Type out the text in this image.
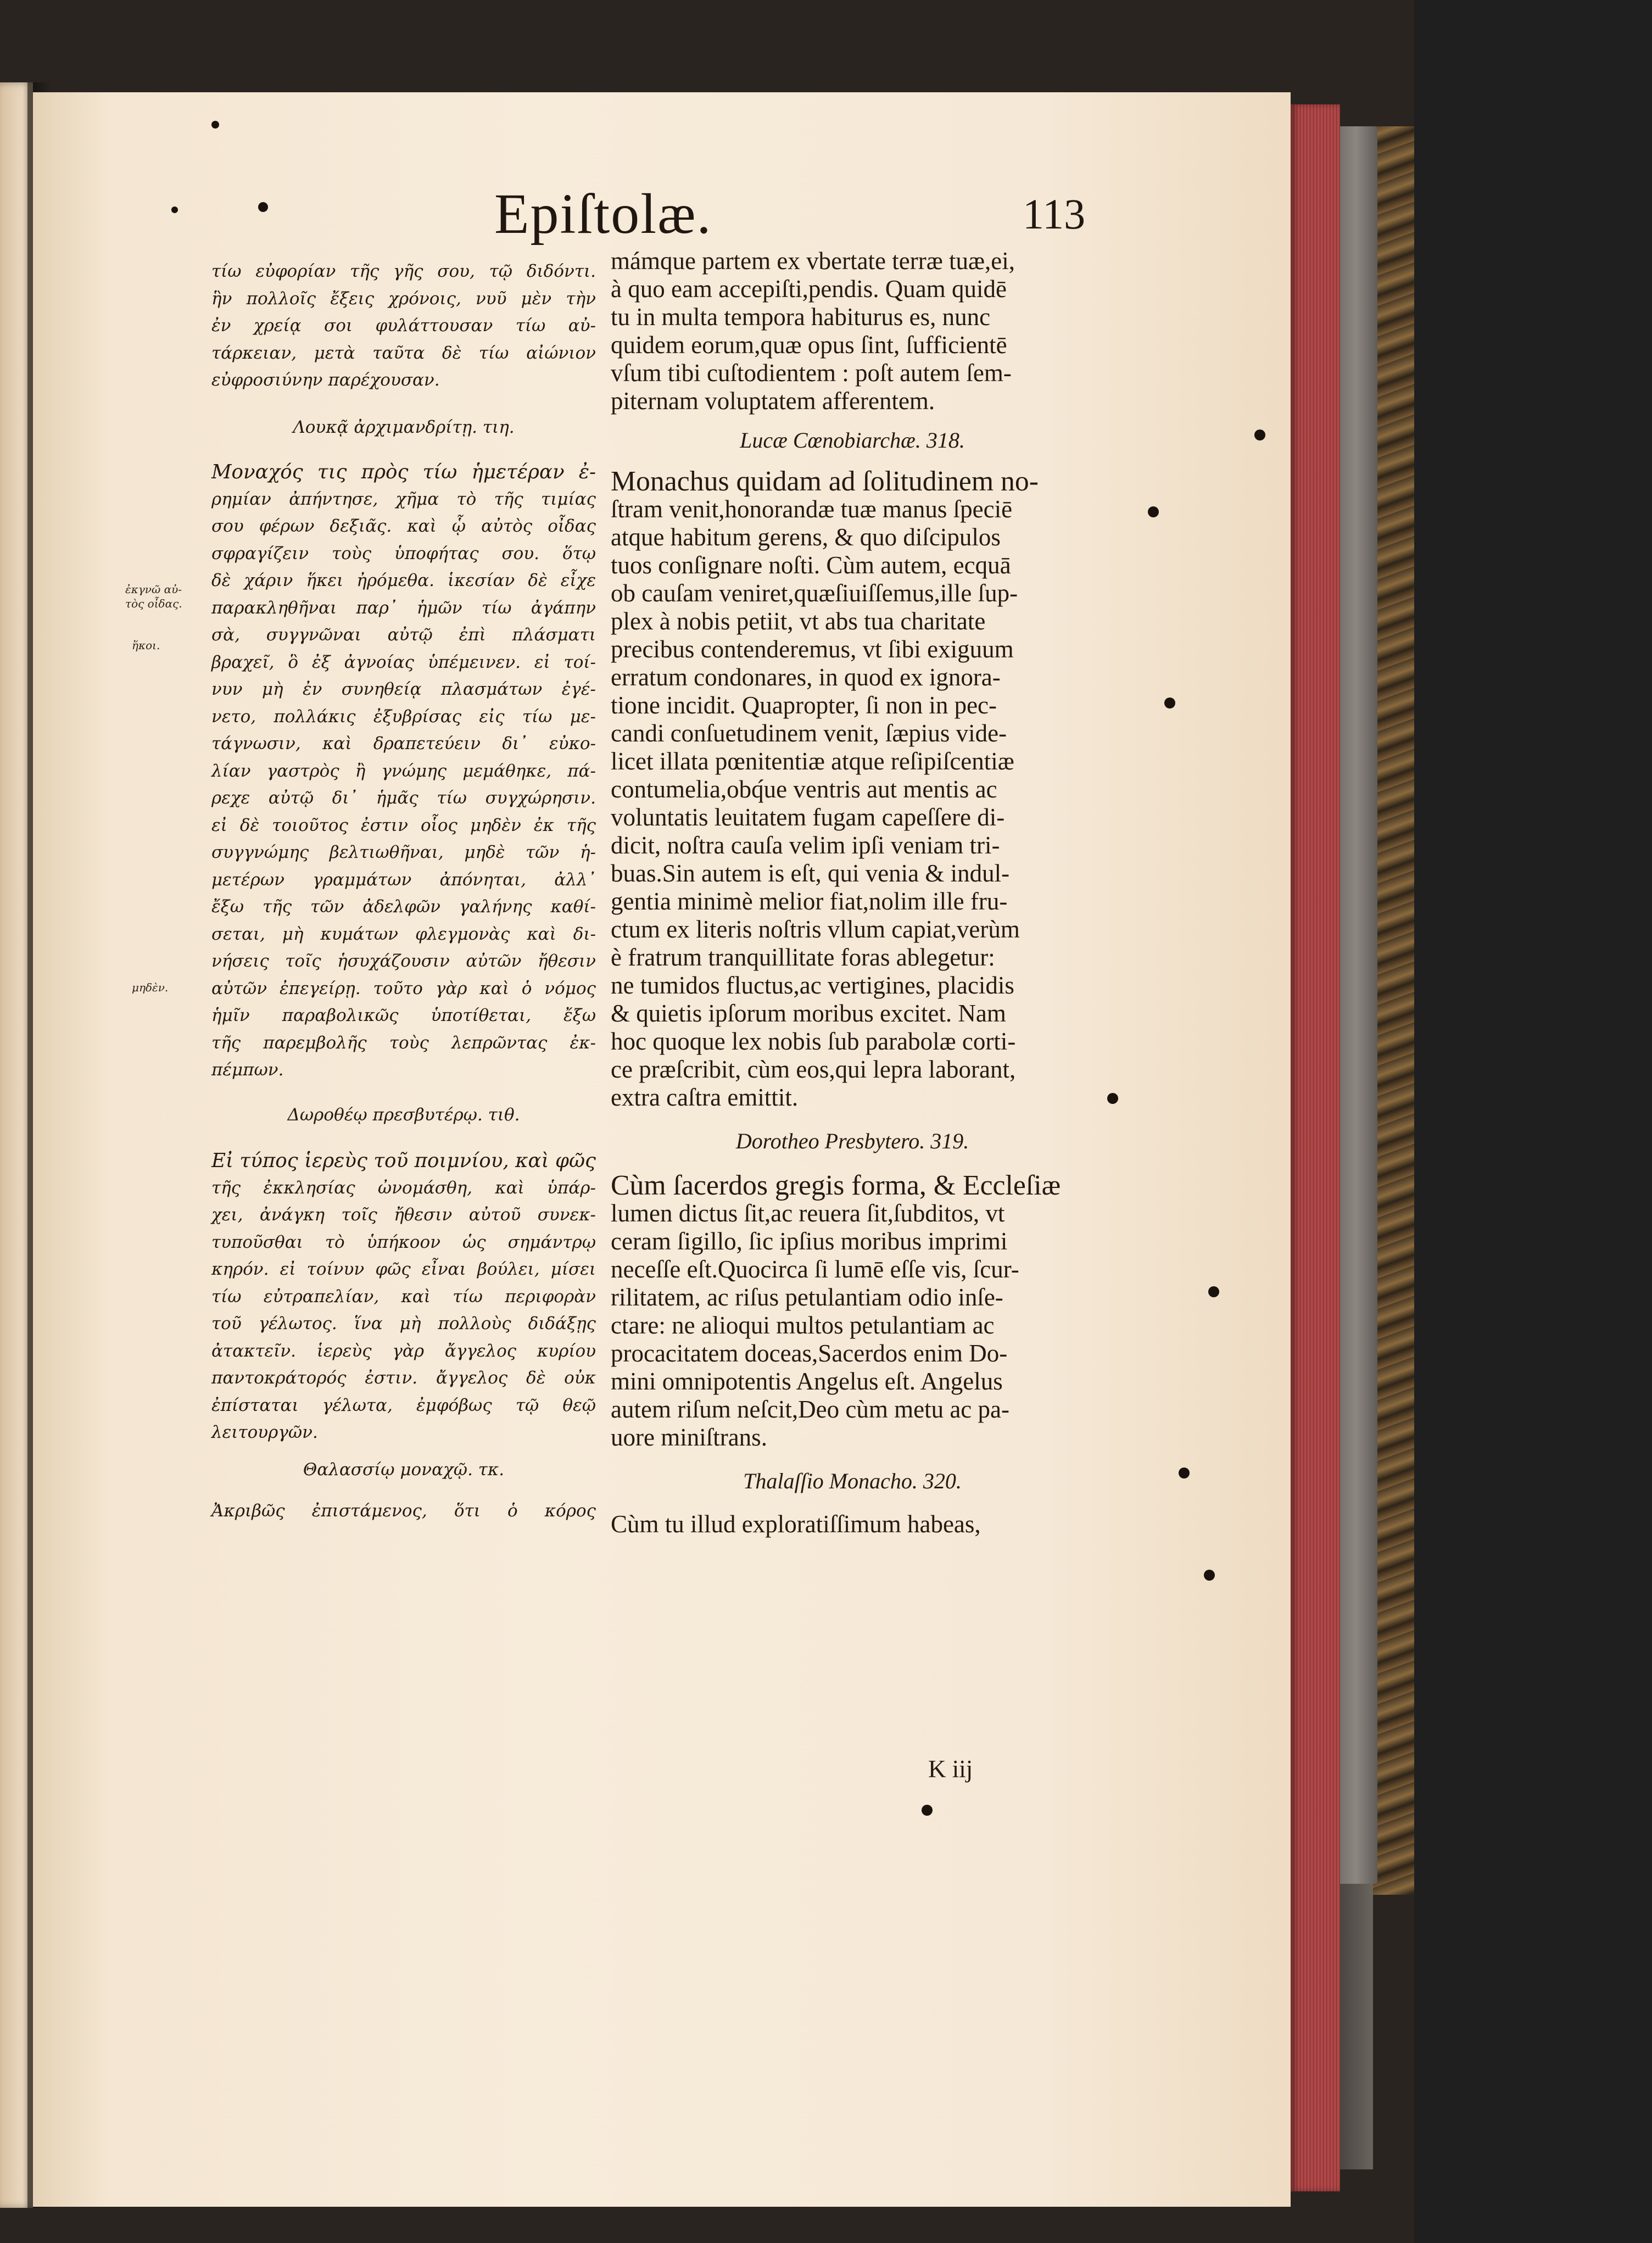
Epiſtolæ.	113
τίω εὐφορίαν τῆς γῆς σου, τῷ διδόντι.
ἣν πολλοῖς ἔξεις χρόνοις, νυῦ μὲν τὴν
ἐν χρείᾳ σοι φυλάττουσαν τίω αὐ-
τάρκειαν, μετὰ ταῦτα δὲ τίω αἰώνιον
εὐφροσιύνην παρέχουσαν.
Λουκᾷ ἀρχιμανδρίτῃ. τιη.
Μοναχός τις πρὸς τίω ἡμετέραν ἐ-
ρημίαν ἀπήντησε, χῆμα τὸ τῆς τιμίας
σου φέρων δεξιᾶς. καὶ ᾧ αὐτὸς οἶδας
σφραγίζειν τοὺς ὑποφήτας σου. ὅτῳ
δὲ χάριν ἥκει ἠρόμεθα. ἱκεσίαν δὲ εἶχε
παρακληθῆναι παρ᾽ ἡμῶν τίω ἀγάπην
σὰ, συγγνῶναι αὐτῷ ἐπὶ πλάσματι
βραχεῖ, ὃ ἐξ ἀγνοίας ὑπέμεινεν. εἰ τοί-
νυν μὴ ἐν συνηθείᾳ πλασμάτων ἐγέ-
νετο, πολλάκις ἐξυβρίσας εἰς τίω με-
τάγνωσιν, καὶ δραπετεύειν δι᾽ εὐκο-
λίαν γαστρὸς ἢ γνώμης μεμάθηκε, πά-
ρεχε αὐτῷ δι᾽ ἡμᾶς τίω συγχώρησιν.
εἰ δὲ τοιοῦτος ἐστιν οἷος μηδὲν ἐκ τῆς
συγγνώμης βελτιωθῆναι, μηδὲ τῶν ἡ-
μετέρων γραμμάτων ἀπόνηται, ἀλλ᾽
ἔξω τῆς τῶν ἀδελφῶν γαλήνης καθί-
σεται, μὴ κυμάτων φλεγμονὰς καὶ δι-
νήσεις τοῖς ἡσυχάζουσιν αὐτῶν ἤθεσιν
αὐτῶν ἐπεγείρῃ. τοῦτο γὰρ καὶ ὁ νόμος
ἡμῖν παραβολικῶς ὑποτίθεται, ἔξω
τῆς παρεμβολῆς τοὺς λεπρῶντας ἐκ-
πέμπων.
Δωροθέῳ πρεσβυτέρῳ. τιθ.
Εἰ τύπος ἱερεὺς τοῦ ποιμνίου, καὶ φῶς
τῆς ἐκκλησίας ὠνομάσθη, καὶ ὑπάρ-
χει, ἀνάγκη τοῖς ἤθεσιν αὐτοῦ συνεκ-
τυποῦσθαι τὸ ὑπήκοον ὡς σημάντρῳ
κηρόν. εἰ τοίνυν φῶς εἶναι βούλει, μίσει
τίω εὐτραπελίαν, καὶ τίω περιφορὰν
τοῦ γέλωτος. ἵνα μὴ πολλοὺς διδάξῃς
ἀτακτεῖν. ἱερεὺς γὰρ ἄγγελος κυρίου
παντοκράτορός ἐστιν. ἄγγελος δὲ οὐκ
ἐπίσταται γέλωτα, ἐμφόβως τῷ θεῷ
λειτουργῶν.
Θαλασσίῳ μοναχῷ. τκ.
Ἀκριβῶς ἐπιστάμενος, ὅτι ὁ κόρος
ἐκγνῶ αὐ-
τὸς οἶδας.
ἥκοι.
μηδὲν.
mámque partem ex vbertate terræ tuæ,ei,
à quo eam accepiſti,pendis. Quam quidē
tu in multa tempora habiturus es, nunc
quidem eorum,quæ opus ſint, ſufficientē
vſum tibi cuſtodientem : poſt autem ſem-
piternam voluptatem afferentem.
Lucæ Cœnobiarchæ. 318.
Monachus quidam ad ſolitudinem no-
ſtram venit,honorandæ tuæ manus ſpeciē
atque habitum gerens, & quo diſcipulos
tuos conſignare noſti. Cùm autem, ecquā
ob cauſam veniret,quæſiuiſſemus,ille ſup-
plex à nobis petiit, vt abs tua charitate
precibus contenderemus, vt ſibi exiguum
erratum condonares, in quod ex ignora-
tione incidit. Quapropter, ſi non in pec-
candi conſuetudinem venit, ſæpius vide-
licet illata pœnitentiæ atque reſipiſcentiæ
contumelia,obq́ue ventris aut mentis ac
voluntatis leuitatem fugam capeſſere di-
dicit, noſtra cauſa velim ipſi veniam tri-
buas.Sin autem is eſt, qui venia & indul-
gentia minimè melior fiat,nolim ille fru-
ctum ex literis noſtris vllum capiat,verùm
è fratrum tranquillitate foras ablegetur:
ne tumidos fluctus,ac vertigines, placidis
& quietis ipſorum moribus excitet. Nam
hoc quoque lex nobis ſub parabolæ corti-
ce præſcribit, cùm eos,qui lepra laborant,
extra caſtra emittit.
Dorotheo Presbytero. 319.
Cùm ſacerdos gregis forma, & Eccleſiæ
lumen dictus ſit,ac reuera ſit,ſubditos, vt
ceram ſigillo, ſic ipſius moribus imprimi
neceſſe eſt.Quocirca ſi lumē eſſe vis, ſcur-
rilitatem, ac riſus petulantiam odio inſe-
ctare: ne alioqui multos petulantiam ac
procacitatem doceas,Sacerdos enim Do-
mini omnipotentis Angelus eſt. Angelus
autem riſum neſcit,Deo cùm metu ac pa-
uore miniſtrans.
Thalaſſio Monacho. 320.
Cùm tu illud exploratiſſimum habeas,
K iij
